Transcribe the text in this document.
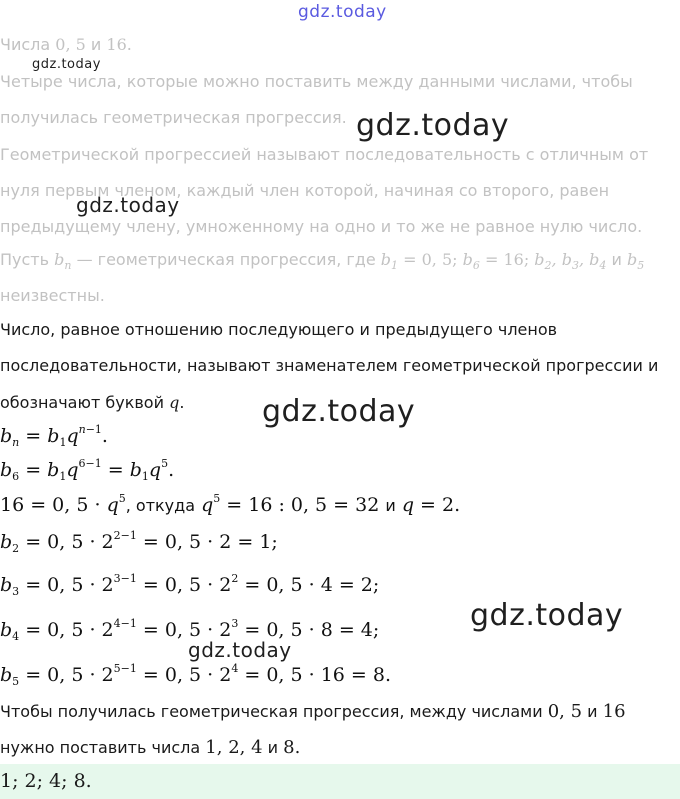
gdz.today
gdz.today
gdz.today
gdz.today
gdz.today
gdz.today
gdz.today
Числа 0, 5 и 16.
Четыре числа, которые можно поставить между данными числами, чтобы
получилась геометрическая прогрессия.
Геометрической прогрессией называют последовательность с отличным от
нуля первым членом, каждый член которой, начиная со второго, равен
предыдущему члену, умноженному на одно и то же не равное нулю число.
Пусть $b_n$ — геометрическая прогрессия, где $b_1 = 0$, 5; $b_6 = 16$; $b_2$, $b_3$, $b_4$ и $b_5$
неизвестны.
Число, равное отношению последующего и предыдущего членов
последовательности, называют знаменателем геометрической прогрессии и
обозначают буквой q.
$b_n = b_1q^{n-1}$.
$b_6 = b_1q^{6-1} = b_1q^5$.
16 = 0, $5 \cdot q^5$, откуда $q^5 = 16$ : 0, 5 = 32 и q = 2.
$b_2 = 0$, $5 \cdot 2^{2-1} = 0$, 5 · 2 = 1;
$b_3 = 0$, $5 \cdot 2^{3-1} = 0$, $5 \cdot 2^2 = 0$, 5 · 4 = 2;
$b_4 = 0$, $5 \cdot 2^{4-1} = 0$, $5 \cdot 2^3 = 0$, 5 · 8 = 4;
$b_5 = 0$, $5 \cdot 2^{5-1} = 0$, $5 \cdot 2^4 = 0$, 5 · 16 = 8.
Чтобы получилась геометрическая прогрессия, между числами 0, 5 и 16
нужно поставить числа 1, 2, 4 и 8.
1; 2; 4; 8.
